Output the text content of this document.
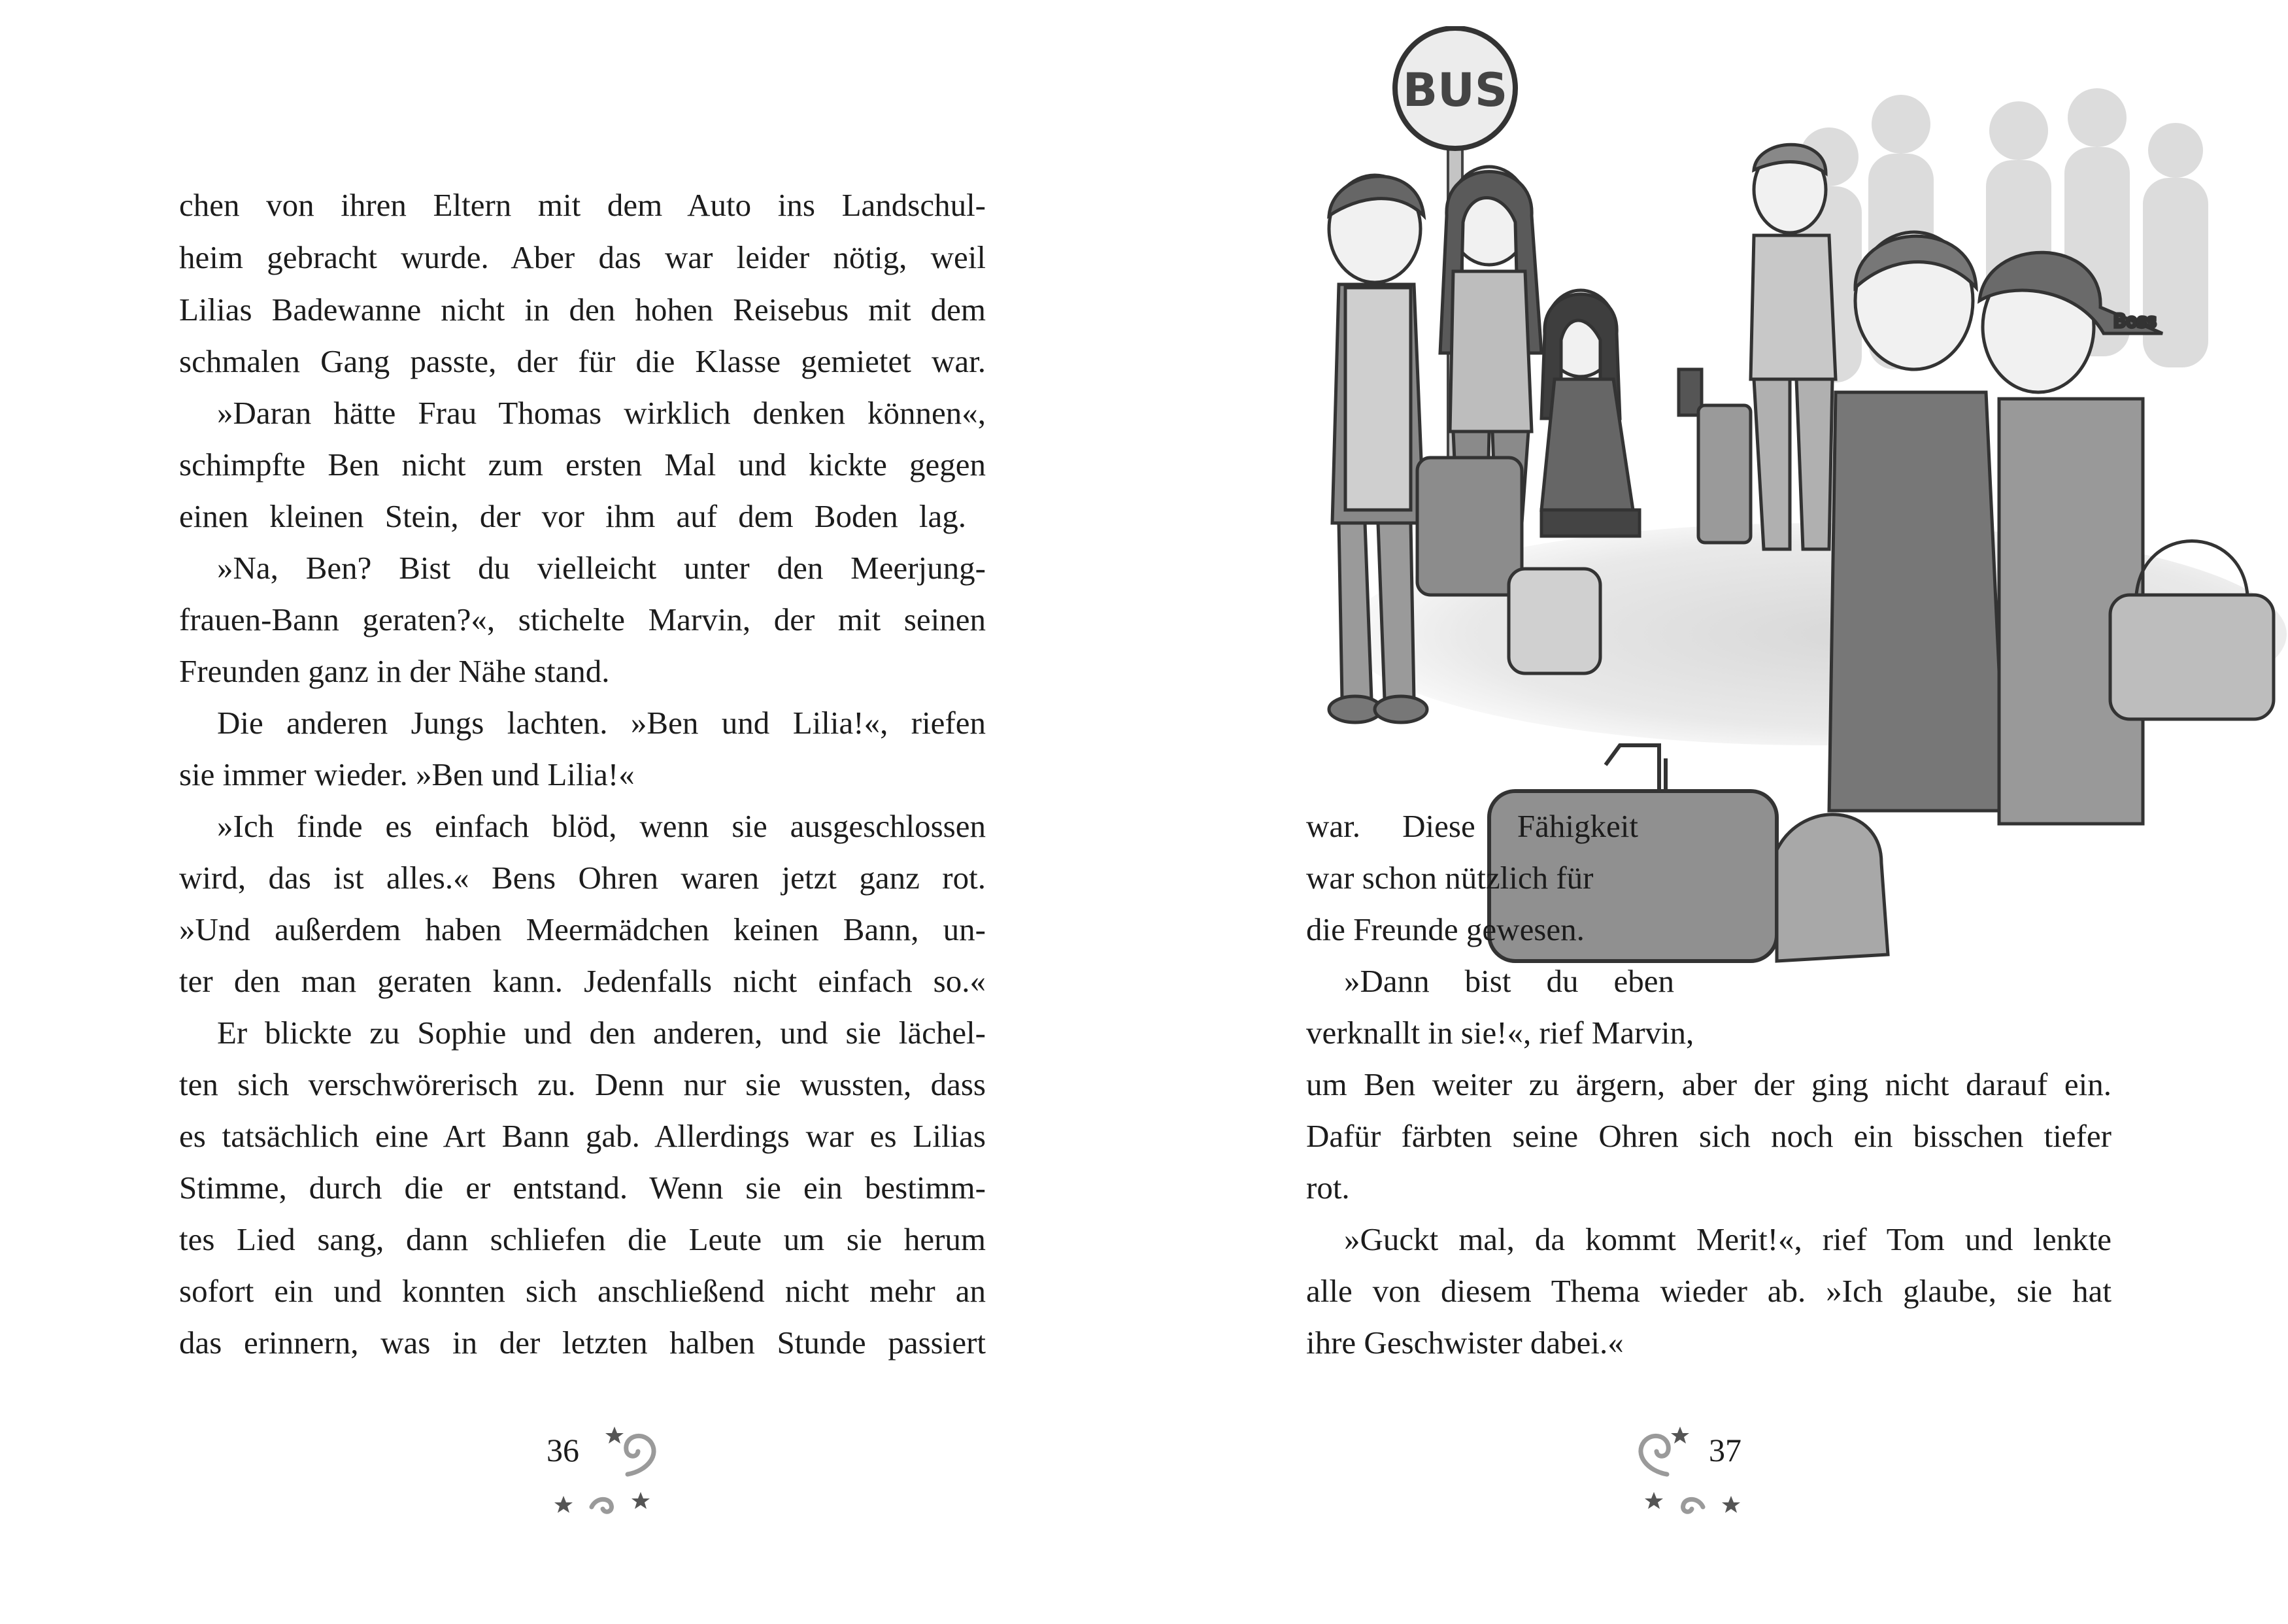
chen von ihren Eltern mit dem Auto ins Landschul-
heim gebracht wurde. Aber das war leider nötig, weil
Lilias Badewanne nicht in den hohen Reisebus mit dem
schmalen Gang passte, der für die Klasse gemietet war.
»Daran hätte Frau Thomas wirklich denken können«,
schimpfte Ben nicht zum ersten Mal und kickte gegen
einen kleinen Stein, der vor ihm auf dem Boden lag.
»Na, Ben? Bist du vielleicht unter den Meerjung-
frauen-Bann geraten?«, stichelte Marvin, der mit seinen
Freunden ganz in der Nähe stand.
Die anderen Jungs lachten. »Ben und Lilia!«, riefen
sie immer wieder. »Ben und Lilia!«
»Ich finde es einfach blöd, wenn sie ausgeschlossen
wird, das ist alles.« Bens Ohren waren jetzt ganz rot.
»Und außerdem haben Meermädchen keinen Bann, un-
ter den man geraten kann. Jedenfalls nicht einfach so.«
Er blickte zu Sophie und den anderen, und sie lächel-
ten sich verschwörerisch zu. Denn nur sie wussten, dass
es tatsächlich eine Art Bann gab. Allerdings war es Lilias
Stimme, durch die er entstand. Wenn sie ein bestimm-
tes Lied sang, dann schliefen die Leute um sie herum
sofort ein und konnten sich anschließend nicht mehr an
das erinnern, was in der letzten halben Stunde passiert
36
BUS
Boss
war. Diese Fähigkeit
war schon nützlich für
die Freunde gewesen.
»Dann bist du eben
verknallt in sie!«, rief Marvin,
um Ben weiter zu ärgern, aber der ging nicht darauf ein.
Dafür färbten seine Ohren sich noch ein bisschen tiefer
rot.
»Guckt mal, da kommt Merit!«, rief Tom und lenkte
alle von diesem Thema wieder ab. »Ich glaube, sie hat
ihre Geschwister dabei.«
37
